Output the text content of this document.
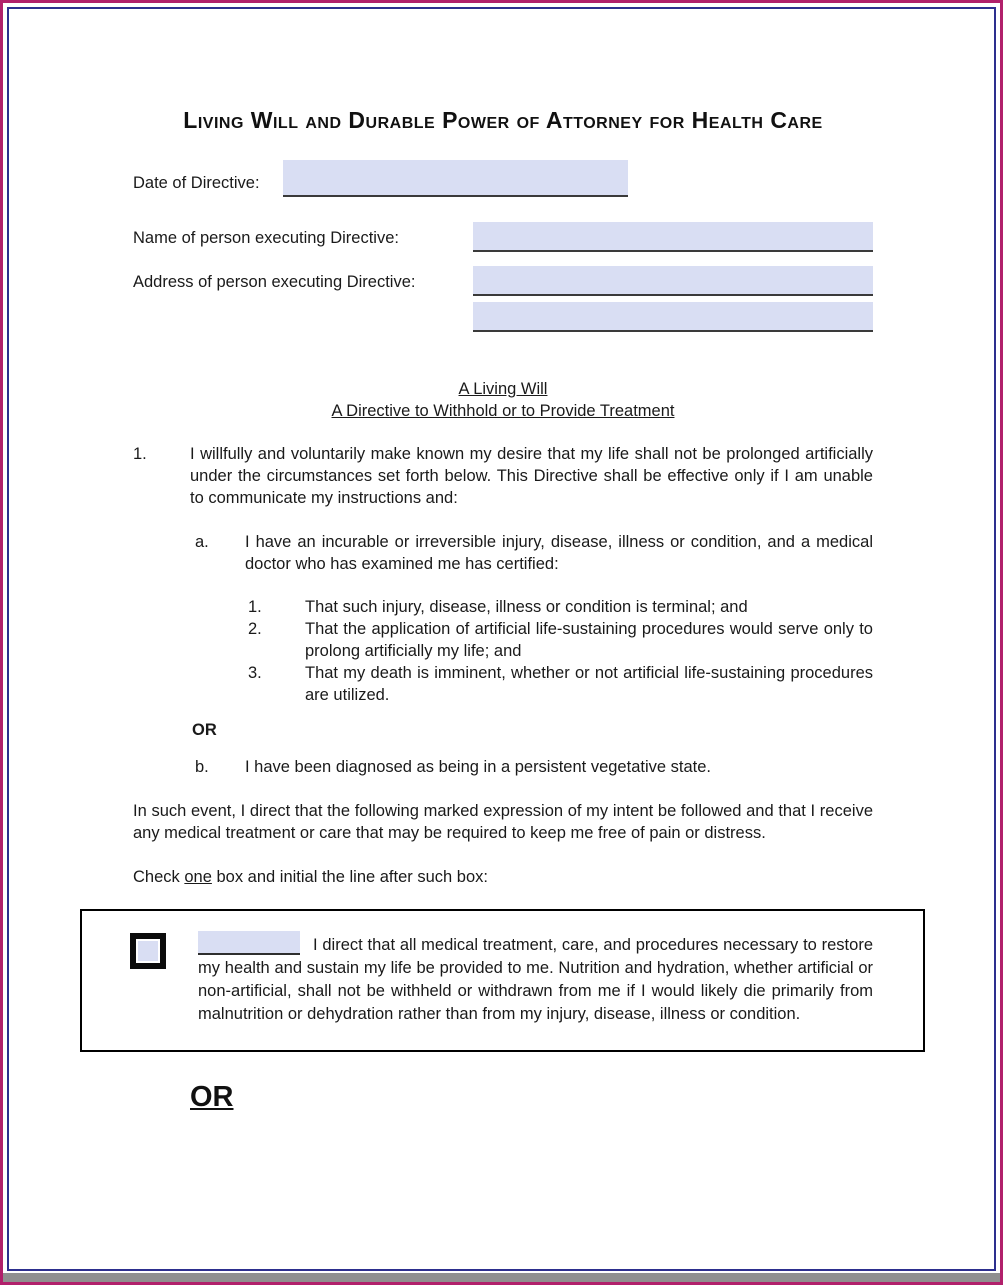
Living Will and Durable Power of Attorney for Health Care
Date of Directive:
Name of person executing Directive:
Address of person executing Directive:
A Living Will
A Directive to Withhold or to Provide Treatment
1.	I willfully and voluntarily make known my desire that my life shall not be prolonged artificially under the circumstances set forth below. This Directive shall be effective only if I am unable to communicate my instructions and:

a.	I have an incurable or irreversible injury, disease, illness or condition, and a medical doctor who has examined me has certified:

1.	That such injury, disease, illness or condition is terminal; and

2.	That the application of artificial life-sustaining procedures would serve only to prolong artificially my life; and

3.	That my death is imminent, whether or not artificial life-sustaining procedures are utilized.

OR

b.	I have been diagnosed as being in a persistent vegetative state.

In such event, I direct that the following marked expression of my intent be followed and that I receive any medical treatment or care that may be required to keep me free of pain or distress.

Check one box and initial the line after such box:

I direct that all medical treatment, care, and procedures necessary to restore my health and sustain my life be provided to me. Nutrition and hydration, whether artificial or non-artificial, shall not be withheld or withdrawn from me if I would likely die primarily from malnutrition or dehydration rather than from my injury, disease, illness or condition.

OR
